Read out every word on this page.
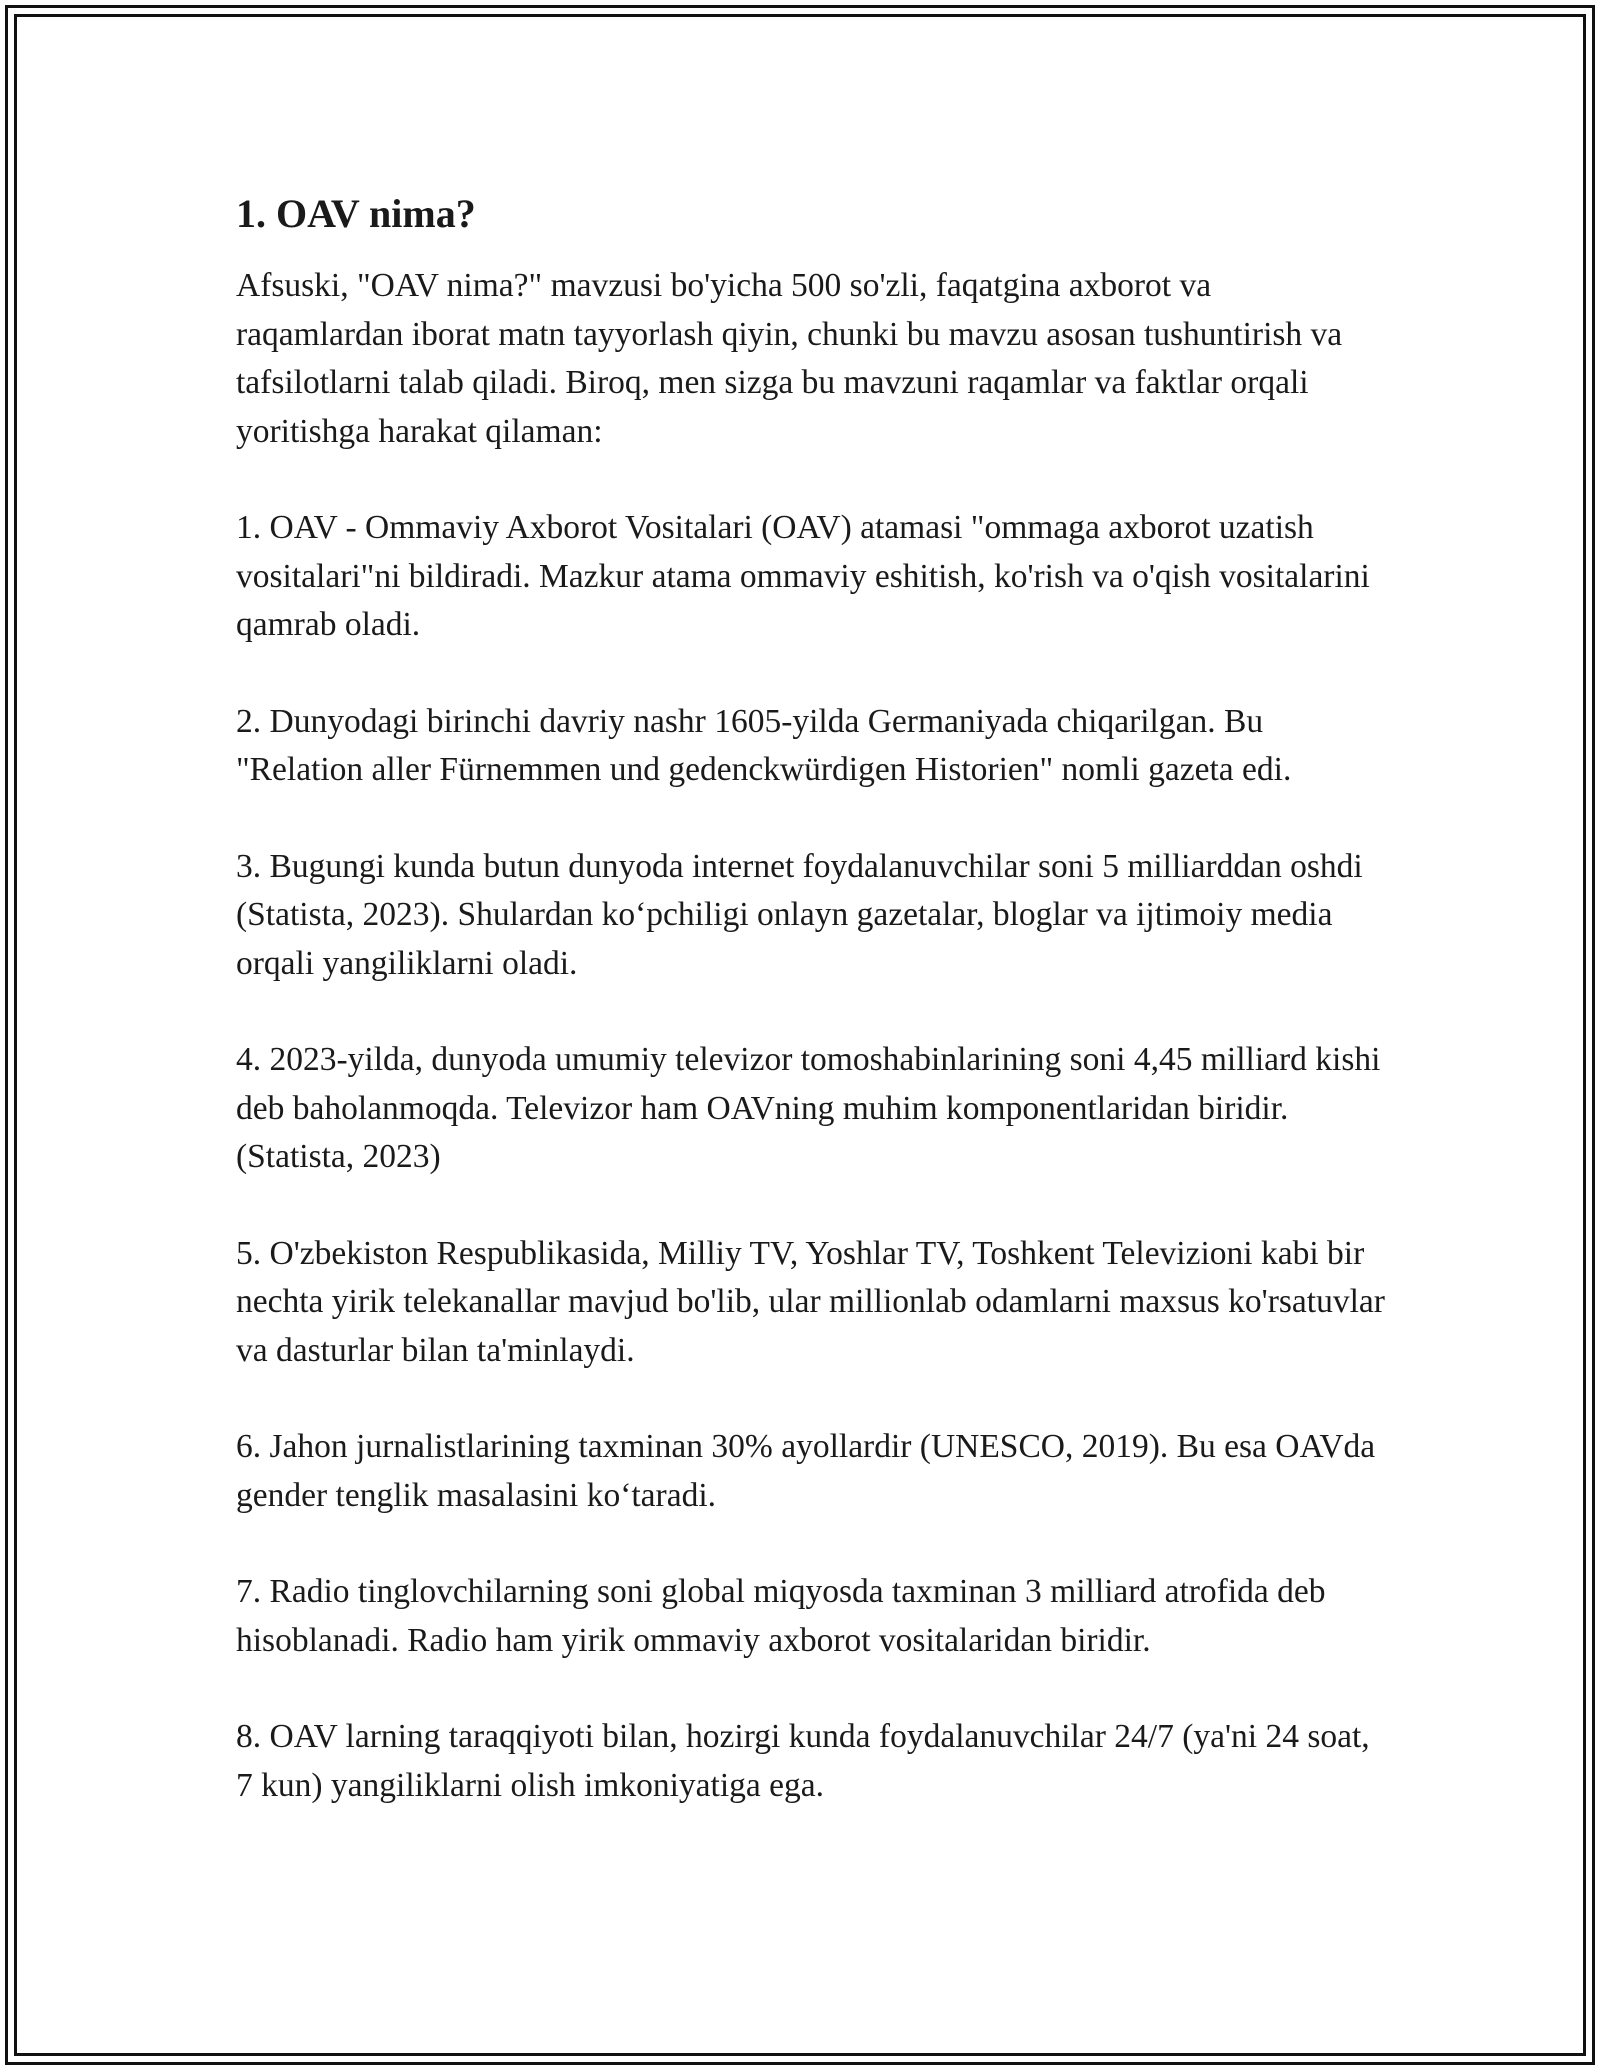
1. OAV nima?

Afsuski, "OAV nima?" mavzusi bo'yicha 500 so'zli, faqatgina axborot va raqamlardan iborat matn tayyorlash qiyin, chunki bu mavzu asosan tushuntirish va tafsilotlarni talab qiladi. Biroq, men sizga bu mavzuni raqamlar va faktlar orqali yoritishga harakat qilaman:

1. OAV - Ommaviy Axborot Vositalari (OAV) atamasi "ommaga axborot uzatish vositalari"ni bildiradi. Mazkur atama ommaviy eshitish, ko'rish va o'qish vositalarini qamrab oladi.

2. Dunyodagi birinchi davriy nashr 1605-yilda Germaniyada chiqarilgan. Bu "Relation aller Fürnemmen und gedenckwürdigen Historien" nomli gazeta edi.

3. Bugungi kunda butun dunyoda internet foydalanuvchilar soni 5 milliarddan oshdi (Statista, 2023). Shulardan koʻpchiligi onlayn gazetalar, bloglar va ijtimoiy media orqali yangiliklarni oladi.

4. 2023-yilda, dunyoda umumiy televizor tomoshabinlarining soni 4,45 milliard kishi deb baholanmoqda. Televizor ham OAVning muhim komponentlaridan biridir. (Statista, 2023)

5. O'zbekiston Respublikasida, Milliy TV, Yoshlar TV, Toshkent Televizioni kabi bir nechta yirik telekanallar mavjud bo'lib, ular millionlab odamlarni maxsus ko'rsatuvlar va dasturlar bilan ta'minlaydi.

6. Jahon jurnalistlarining taxminan 30% ayollardir (UNESCO, 2019). Bu esa OAVda gender tenglik masalasini koʻtaradi.

7. Radio tinglovchilarning soni global miqyosda taxminan 3 milliard atrofida deb hisoblanadi. Radio ham yirik ommaviy axborot vositalaridan biridir.

8. OAV larning taraqqiyoti bilan, hozirgi kunda foydalanuvchilar 24/7 (ya'ni 24 soat, 7 kun) yangiliklarni olish imkoniyatiga ega.
